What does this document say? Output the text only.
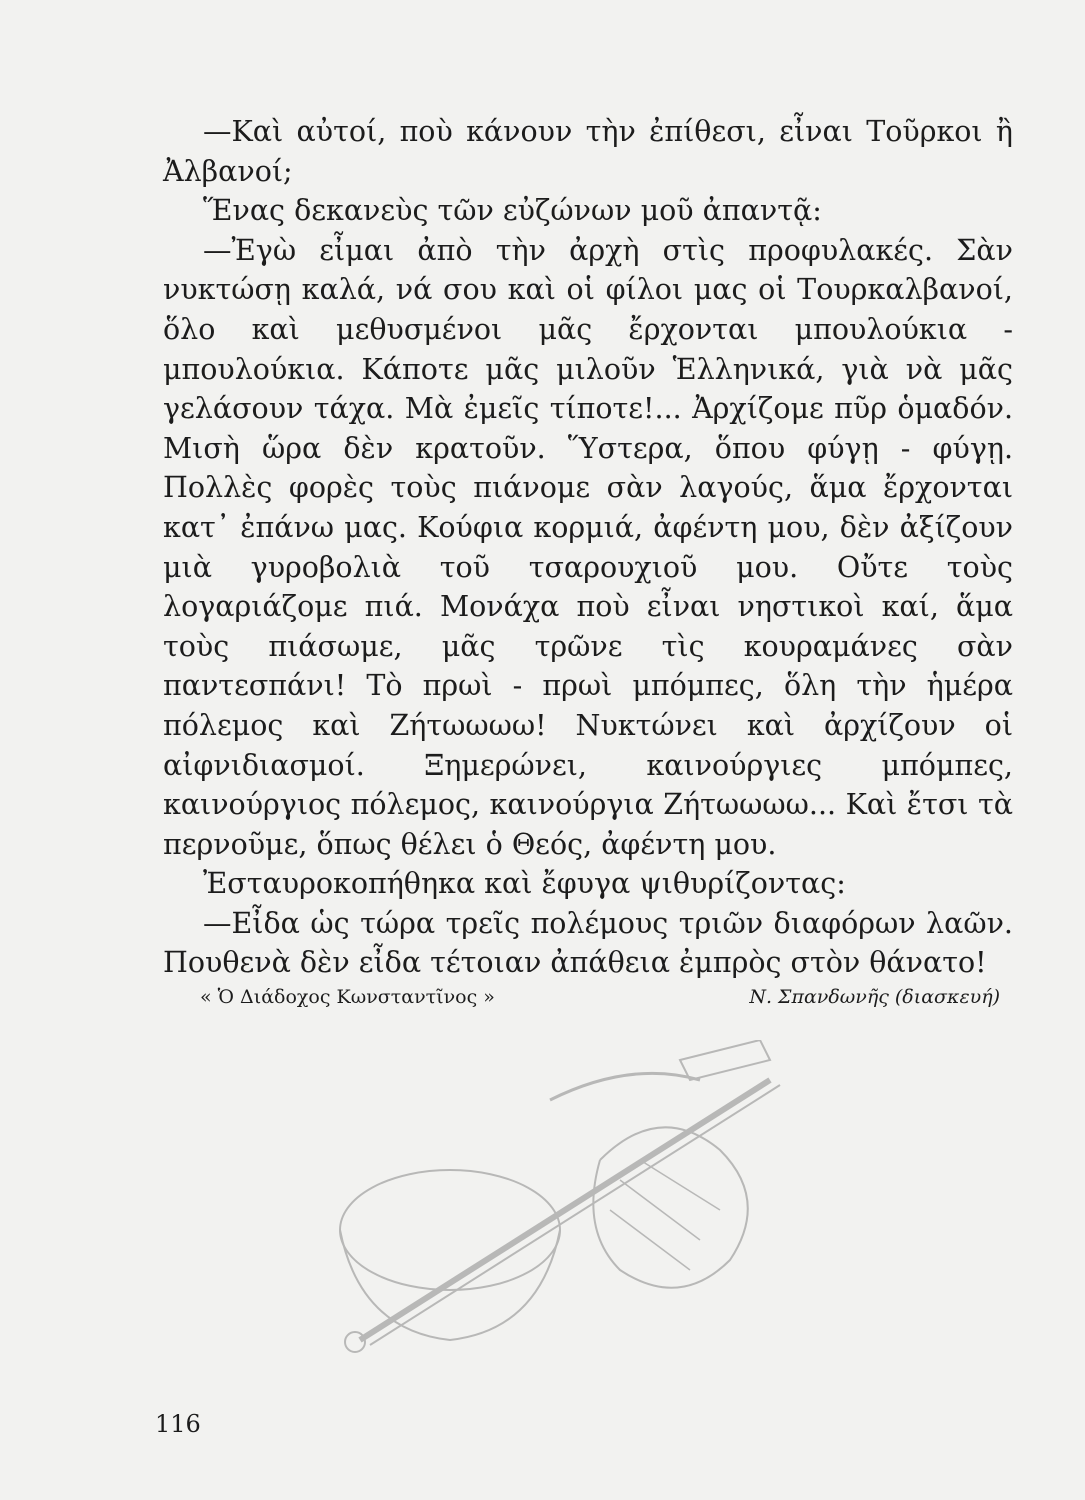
—Καὶ αὐτοί, ποὺ κάνουν τὴν ἐπίθεσι, εἶναι Τοῦρκοι ἢ Ἀλβανοί;

Ἕνας δεκανεὺς τῶν εὐζώνων μοῦ ἀπαντᾷ:

—Ἐγὼ εἶμαι ἀπὸ τὴν ἀρχὴ στὶς προφυλακές. Σὰν νυκτώσῃ καλά, νά σου καὶ οἱ φίλοι μας οἱ Τουρκαλβανοί, ὅλο καὶ μεθυσμένοι μᾶς ἔρχονται μπουλούκια - μπουλούκια. Κάποτε μᾶς μιλοῦν Ἑλληνικά, γιὰ νὰ μᾶς γελάσουν τάχα. Μὰ ἐμεῖς τίποτε!... Ἀρχίζομε πῦρ ὁμαδόν. Μισὴ ὥρα δὲν κρατοῦν. Ὕστερα, ὅπου φύγῃ - φύγῃ. Πολλὲς φορὲς τοὺς πιάνομε σὰν λαγούς, ἅμα ἔρχονται κατ᾽ ἐπάνω μας. Κούφια κορμιά, ἀφέντη μου, δὲν ἀξίζουν μιὰ γυροβολιὰ τοῦ τσαρουχιοῦ μου. Οὔτε τοὺς λογαριάζομε πιά. Μονάχα ποὺ εἶναι νηστικοὶ καί, ἅμα τοὺς πιάσωμε, μᾶς τρῶνε τὶς κουραμάνες σὰν παντεσπάνι! Τὸ πρωὶ - πρωὶ μπόμπες, ὅλη τὴν ἡμέρα πόλεμος καὶ Ζήτωωωω! Νυκτώνει καὶ ἀρχίζουν οἱ αἰφνιδιασμοί. Ξημερώνει, καινούργιες μπόμπες, καινούργιος πόλεμος, καινούργια Ζήτωωωω... Καὶ ἔτσι τὰ περνοῦμε, ὅπως θέλει ὁ Θεός, ἀφέντη μου.

Ἐσταυροκοπήθηκα καὶ ἔφυγα ψιθυρίζοντας:

—Εἶδα ὡς τώρα τρεῖς πολέμους τριῶν διαφόρων λαῶν. Πουθενὰ δὲν εἶδα τέτοιαν ἀπάθεια ἐμπρὸς στὸν θάνατο!

« Ὁ Διάδοχος Κωνσταντῖνος »	Ν. Σπανδωνῆς (διασκευή)
116
